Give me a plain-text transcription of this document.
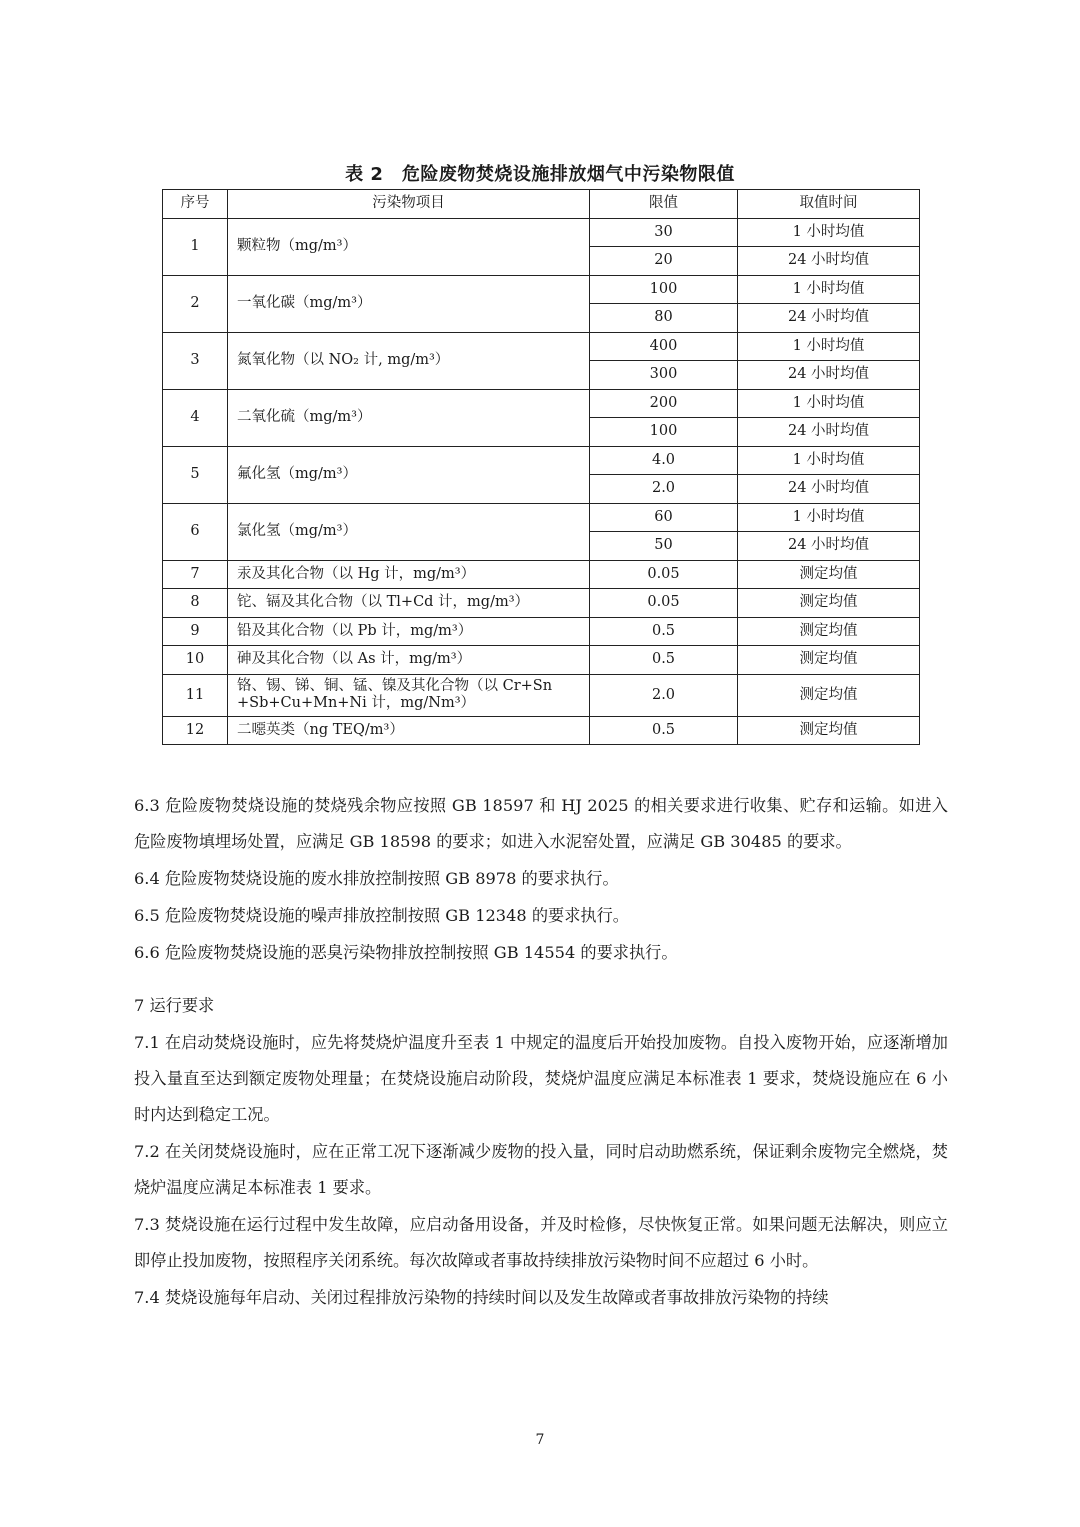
表 2　危险废物焚烧设施排放烟气中污染物限值
序号	污染物项目	限值	取值时间
1	颗粒物（mg/m³）	30	1 小时均值
		20	24 小时均值
2	一氧化碳（mg/m³）	100	1 小时均值
		80	24 小时均值
3	氮氧化物（以 NO₂ 计, mg/m³）	400	1 小时均值
		300	24 小时均值
4	二氧化硫（mg/m³）	200	1 小时均值
		100	24 小时均值
5	氟化氢（mg/m³）	4.0	1 小时均值
		2.0	24 小时均值
6	氯化氢（mg/m³）	60	1 小时均值
		50	24 小时均值
7	汞及其化合物（以 Hg 计，mg/m³）	0.05	测定均值
8	铊、镉及其化合物（以 Tl+Cd 计，mg/m³）	0.05	测定均值
9	铅及其化合物（以 Pb 计，mg/m³）	0.5	测定均值
10	砷及其化合物（以 As 计，mg/m³）	0.5	测定均值
11	铬、锡、锑、铜、锰、镍及其化合物（以 Cr+Sn +Sb+Cu+Mn+Ni 计，mg/Nm³）	2.0	测定均值
12	二噁英类（ng TEQ/m³）	0.5	测定均值

6.3 危险废物焚烧设施的焚烧残余物应按照 GB 18597 和 HJ 2025 的相关要求进行收集、贮存和运输。如进入危险废物填埋场处置，应满足 GB 18598 的要求；如进入水泥窑处置，应满足 GB 30485 的要求。

6.4 危险废物焚烧设施的废水排放控制按照 GB 8978 的要求执行。

6.5 危险废物焚烧设施的噪声排放控制按照 GB 12348 的要求执行。

6.6 危险废物焚烧设施的恶臭污染物排放控制按照 GB 14554 的要求执行。

7 运行要求

7.1 在启动焚烧设施时，应先将焚烧炉温度升至表 1 中规定的温度后开始投加废物。自投入废物开始，应逐渐增加投入量直至达到额定废物处理量；在焚烧设施启动阶段，焚烧炉温度应满足本标准表 1 要求，焚烧设施应在 6 小时内达到稳定工况。

7.2 在关闭焚烧设施时，应在正常工况下逐渐减少废物的投入量，同时启动助燃系统，保证剩余废物完全燃烧，焚烧炉温度应满足本标准表 1 要求。

7.3 焚烧设施在运行过程中发生故障，应启动备用设备，并及时检修，尽快恢复正常。如果问题无法解决，则应立即停止投加废物，按照程序关闭系统。每次故障或者事故持续排放污染物时间不应超过 6 小时。

7.4 焚烧设施每年启动、关闭过程排放污染物的持续时间以及发生故障或者事故排放污染物的持续

7
